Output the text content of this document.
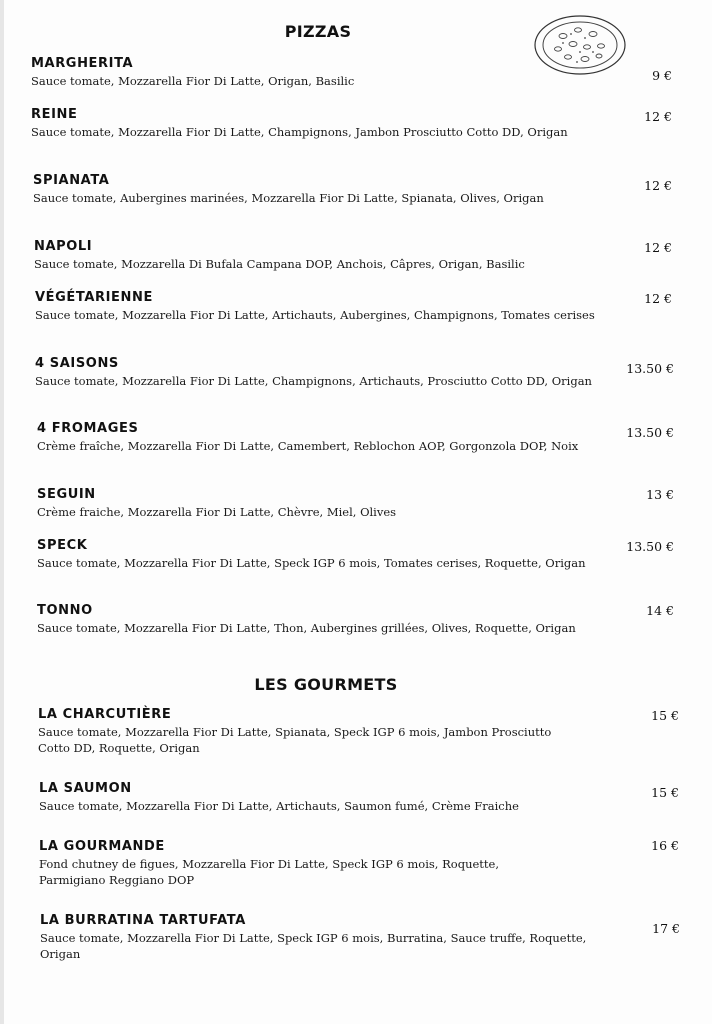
PIZZAS
MARGHERITA
Sauce tomate, Mozzarella Fior Di Latte, Origan, Basilic	9 €
REINE
Sauce tomate, Mozzarella Fior Di Latte, Champignons, Jambon Prosciutto Cotto DD, Origan
12 €
SPIANATA
Sauce tomate, Aubergines marinées, Mozzarella Fior Di Latte, Spianata, Olives, Origan
12 €
NAPOLI
Sauce tomate, Mozzarella Di Bufala Campana DOP, Anchois, Câpres, Origan, Basilic
12 €
VÉGÉTARIENNE
Sauce tomate, Mozzarella Fior Di Latte, Artichauts, Aubergines, Champignons, Tomates cerises
12 €
4 SAISONS
Sauce tomate, Mozzarella Fior Di Latte, Champignons, Artichauts, Prosciutto Cotto DD, Origan
13.50 €
4 FROMAGES
Crème fraîche, Mozzarella Fior Di Latte, Camembert, Reblochon AOP, Gorgonzola DOP, Noix
13.50 €
SEGUIN
Crème fraiche, Mozzarella Fior Di Latte, Chèvre, Miel, Olives
13 €
SPECK
Sauce tomate, Mozzarella Fior Di Latte, Speck IGP 6 mois, Tomates cerises, Roquette, Origan
13.50 €
TONNO
Sauce tomate, Mozzarella Fior Di Latte, Thon, Aubergines grillées, Olives, Roquette, Origan
14 €
LES GOURMETS
LA CHARCUTIÈRE
Sauce tomate, Mozzarella Fior Di Latte, Spianata, Speck IGP 6 mois, Jambon Prosciutto Cotto DD, Roquette, Origan
15 €
LA SAUMON
Sauce tomate, Mozzarella Fior Di Latte, Artichauts, Saumon fumé, Crème Fraiche
15 €
LA GOURMANDE
Fond chutney de figues, Mozzarella Fior Di Latte, Speck IGP 6 mois, Roquette, Parmigiano Reggiano DOP
16 €
LA BURRATINA TARTUFATA
Sauce tomate, Mozzarella Fior Di Latte, Speck IGP 6 mois, Burratina, Sauce truffe, Roquette, Origan
17 €
